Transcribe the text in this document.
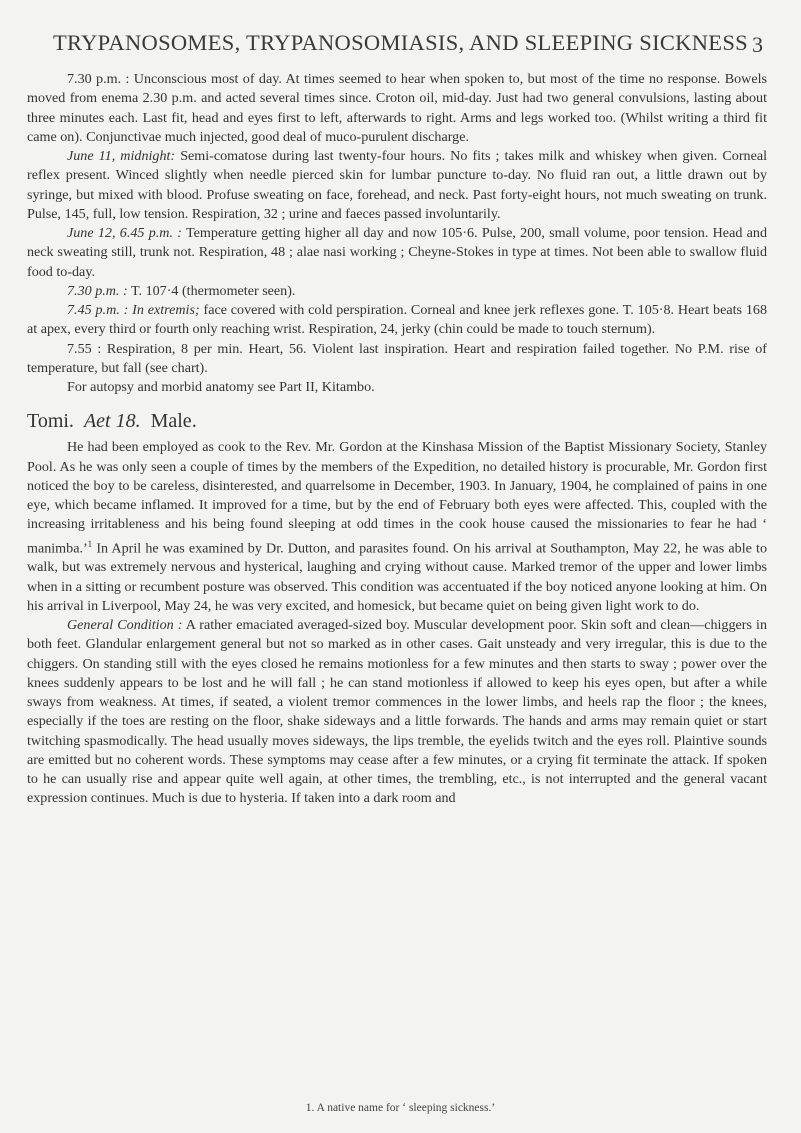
TRYPANOSOMES, TRYPANOSOMIASIS, AND SLEEPING SICKNESS 3

7.30 p.m. : Unconscious most of day. At times seemed to hear when spoken to, but most of the time no response. Bowels moved from enema 2.30 p.m. and acted several times since. Croton oil, mid-day. Just had two general convulsions, lasting about three minutes each. Last fit, head and eyes first to left, afterwards to right. Arms and legs worked too. (Whilst writing a third fit came on). Conjunctivae much injected, good deal of muco-purulent discharge.

June 11, midnight: Semi-comatose during last twenty-four hours. No fits ; takes milk and whiskey when given. Corneal reflex present. Winced slightly when needle pierced skin for lumbar puncture to-day. No fluid ran out, a little drawn out by syringe, but mixed with blood. Profuse sweating on face, forehead, and neck. Past forty-eight hours, not much sweating on trunk. Pulse, 145, full, low tension. Respiration, 32 ; urine and faeces passed involuntarily.

June 12, 6.45 p.m. : Temperature getting higher all day and now 105·6. Pulse, 200, small volume, poor tension. Head and neck sweating still, trunk not. Respiration, 48 ; alae nasi working ; Cheyne-Stokes in type at times. Not been able to swallow fluid food to-day.

7.30 p.m. : T. 107·4 (thermometer seen).

7.45 p.m. : In extremis; face covered with cold perspiration. Corneal and knee jerk reflexes gone. T. 105·8. Heart beats 168 at apex, every third or fourth only reaching wrist. Respiration, 24, jerky (chin could be made to touch sternum).

7.55 : Respiration, 8 per min. Heart, 56. Violent last inspiration. Heart and respiration failed together. No P.M. rise of temperature, but fall (see chart).

For autopsy and morbid anatomy see Part II, Kitambo.

Tomi. Aet 18. Male.

He had been employed as cook to the Rev. Mr. Gordon at the Kinshasa Mission of the Baptist Missionary Society, Stanley Pool. As he was only seen a couple of times by the members of the Expedition, no detailed history is procurable, Mr. Gordon first noticed the boy to be careless, disinterested, and quarrelsome in December, 1903. In January, 1904, he complained of pains in one eye, which became inflamed. It improved for a time, but by the end of February both eyes were affected. This, coupled with the increasing irritableness and his being found sleeping at odd times in the cook house caused the missionaries to fear he had ‘ manimba.’$^1$ In April he was examined by Dr. Dutton, and parasites found. On his arrival at Southampton, May 22, he was able to walk, but was extremely nervous and hysterical, laughing and crying without cause. Marked tremor of the upper and lower limbs when in a sitting or recumbent posture was observed. This condition was accentuated if the boy noticed anyone looking at him. On his arrival in Liverpool, May 24, he was very excited, and homesick, but became quiet on being given light work to do.

General Condition : A rather emaciated averaged-sized boy. Muscular development poor. Skin soft and clean—chiggers in both feet. Glandular enlargement general but not so marked as in other cases. Gait unsteady and very irregular, this is due to the chiggers. On standing still with the eyes closed he remains motionless for a few minutes and then starts to sway ; power over the knees suddenly appears to be lost and he will fall ; he can stand motionless if allowed to keep his eyes open, but after a while sways from weakness. At times, if seated, a violent tremor commences in the lower limbs, and heels rap the floor ; the knees, especially if the toes are resting on the floor, shake sideways and a little forwards. The hands and arms may remain quiet or start twitching spasmodically. The head usually moves sideways, the lips tremble, the eyelids twitch and the eyes roll. Plaintive sounds are emitted but no coherent words. These symptoms may cease after a few minutes, or a crying fit terminate the attack. If spoken to he can usually rise and appear quite well again, at other times, the trembling, etc., is not interrupted and the general vacant expression continues. Much is due to hysteria. If taken into a dark room and

1. A native name for ‘ sleeping sickness.’
